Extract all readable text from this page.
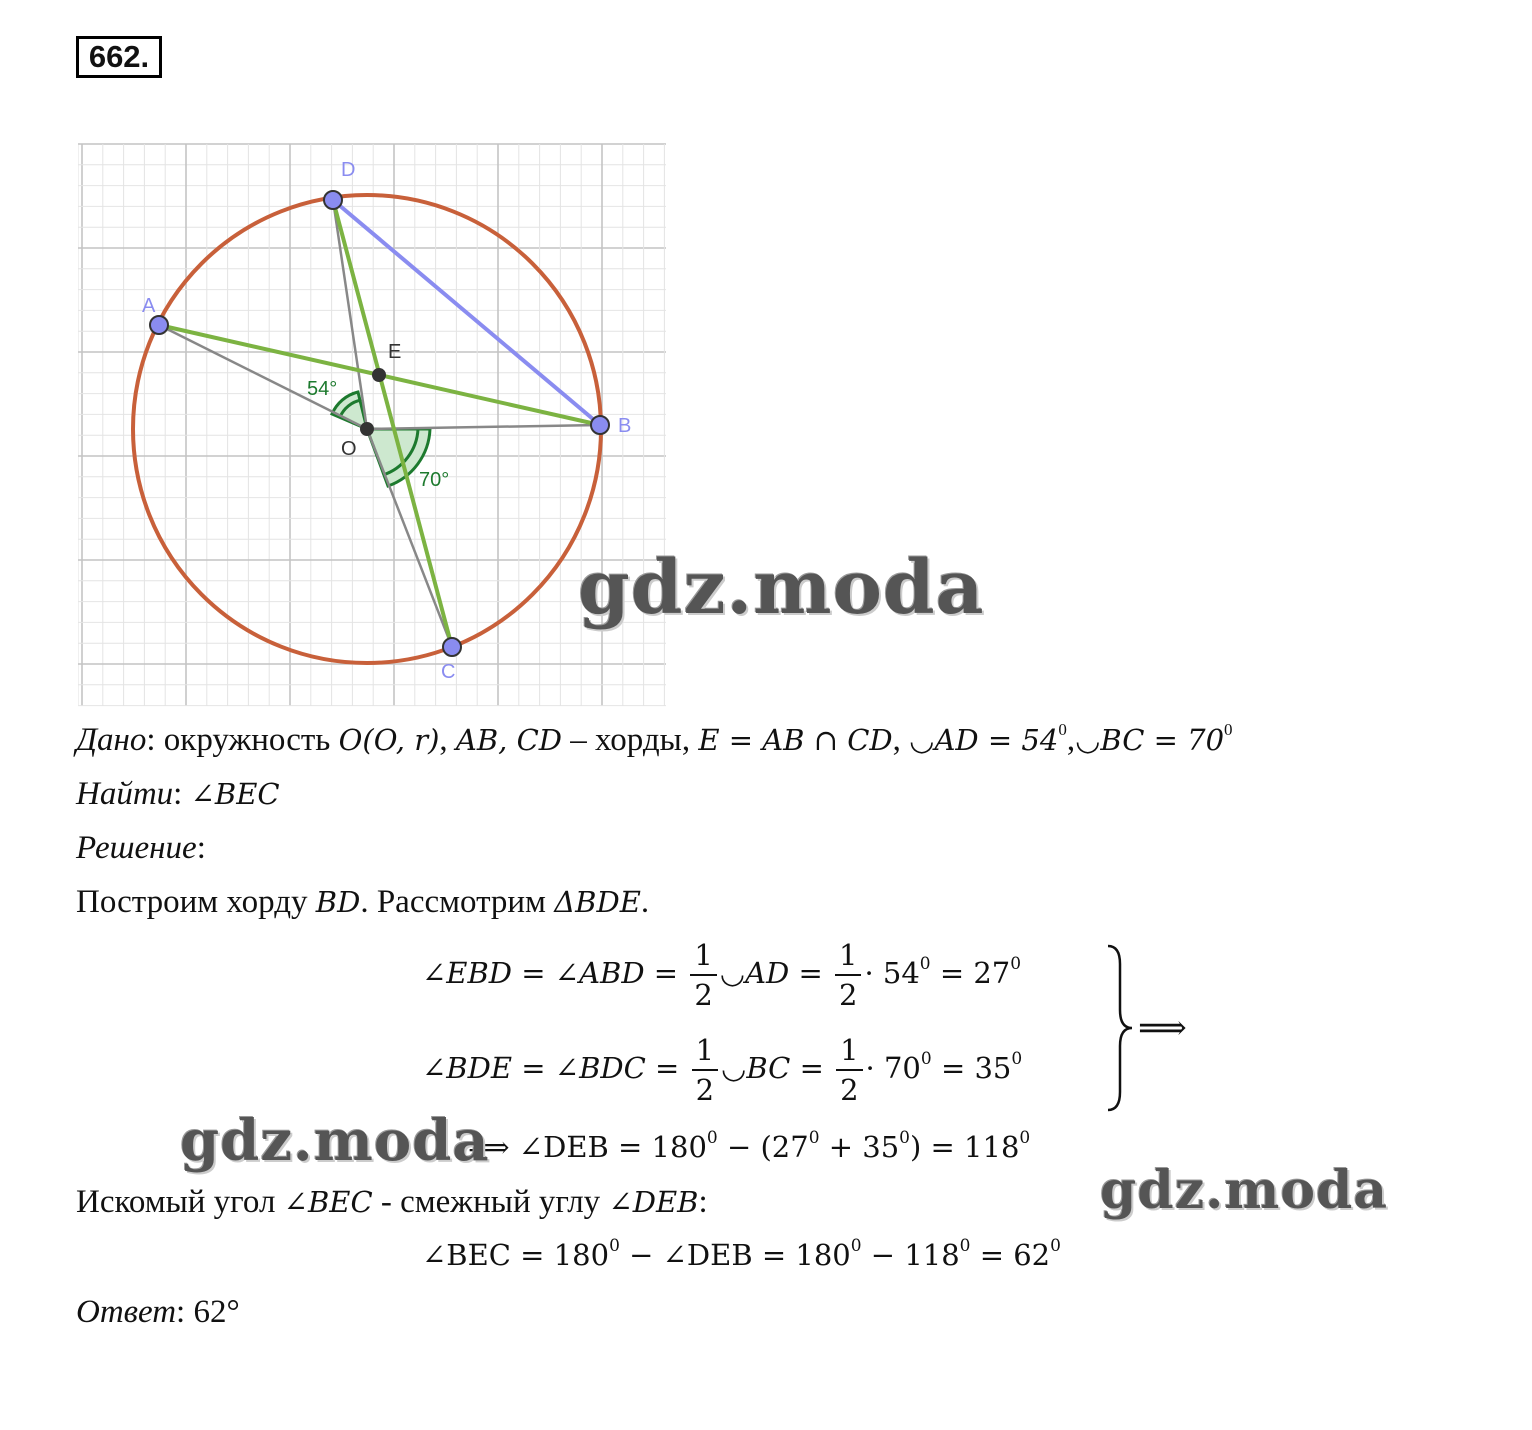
662.
D
A
E
O
B
C
54°
70°
gdz.moda
Дано: окружность O(O, r), AB, CD – хорды, E = AB ∩ CD, ◡AD = $54^0,◡BC = 70^0$
Найти: ∠BEC
Решение:
Построим хорду BD. Рассмотрим ΔBDE.
∠EBD = ∠ABD = $\frac{1}{2}$ ◡AD = $\frac{1}{2} \cdot 54^0 = 27^0$
∠BDE = ∠BDC = $\frac{1}{2}$ ◡BC = $\frac{1}{2} \cdot 70^0 = 35^0$
⟹
⟹ ∠DEB = $180^0 - (27^0 + 35^0) = 118^0$
gdz.moda
Искомый угол ∠BEC - смежный углу ∠DEB:	gdz.moda
∠BEC = $180^0$ − ∠DEB = $180^0 - 118^0 = 62^0$
Ответ: 62°
